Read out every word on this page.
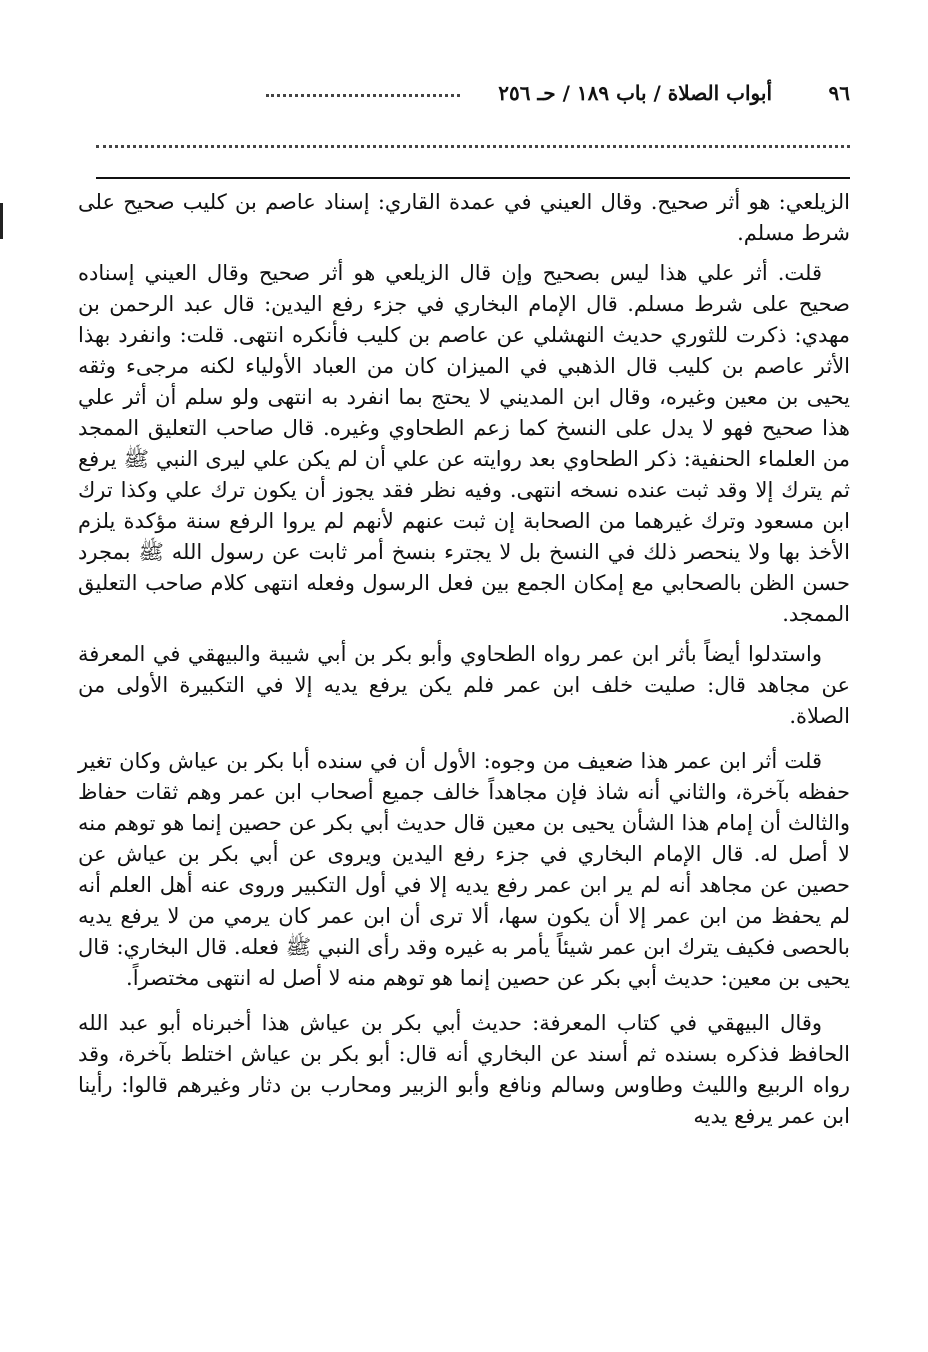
٩٦
أبواب الصلاة / باب ١٨٩ / حـ ٢٥٦

الزيلعي: هو أثر صحيح. وقال العيني في عمدة القاري: إسناد عاصم بن كليب صحيح على شرط مسلم.

قلت. أثر علي هذا ليس بصحيح وإن قال الزيلعي هو أثر صحيح وقال العيني إسناده صحيح على شرط مسلم. قال الإمام البخاري في جزء رفع اليدين: قال عبد الرحمن بن مهدي: ذكرت للثوري حديث النهشلي عن عاصم بن كليب فأنكره انتهى. قلت: وانفرد بهذا الأثر عاصم بن كليب قال الذهبي في الميزان كان من العباد الأولياء لكنه مرجىء وثقه يحيى بن معين وغيره، وقال ابن المديني لا يحتج بما انفرد به انتهى ولو سلم أن أثر علي هذا صحيح فهو لا يدل على النسخ كما زعم الطحاوي وغيره. قال صاحب التعليق الممجد من العلماء الحنفية: ذكر الطحاوي بعد روايته عن علي أن لم يكن علي ليرى النبي ﷺ يرفع ثم يترك إلا وقد ثبت عنده نسخه انتهى. وفيه نظر فقد يجوز أن يكون ترك علي وكذا ترك ابن مسعود وترك غيرهما من الصحابة إن ثبت عنهم لأنهم لم يروا الرفع سنة مؤكدة يلزم الأخذ بها ولا ينحصر ذلك في النسخ بل لا يجترء بنسخ أمر ثابت عن رسول الله ﷺ بمجرد حسن الظن بالصحابي مع إمكان الجمع بين فعل الرسول وفعله انتهى كلام صاحب التعليق الممجد.

واستدلوا أيضاً بأثر ابن عمر رواه الطحاوي وأبو بكر بن أبي شيبة والبيهقي في المعرفة عن مجاهد قال: صليت خلف ابن عمر فلم يكن يرفع يديه إلا في التكبيرة الأولى من الصلاة.

قلت أثر ابن عمر هذا ضعيف من وجوه: الأول أن في سنده أبا بكر بن عياش وكان تغير حفظه بآخرة، والثاني أنه شاذ فإن مجاهداً خالف جميع أصحاب ابن عمر وهم ثقات حفاظ والثالث أن إمام هذا الشأن يحيى بن معين قال حديث أبي بكر عن حصين إنما هو توهم منه لا أصل له. قال الإمام البخاري في جزء رفع اليدين ويروى عن أبي بكر بن عياش عن حصين عن مجاهد أنه لم ير ابن عمر رفع يديه إلا في أول التكبير وروى عنه أهل العلم أنه لم يحفظ من ابن عمر إلا أن يكون سها، ألا ترى أن ابن عمر كان يرمي من لا يرفع يديه بالحصى فكيف يترك ابن عمر شيئاً يأمر به غيره وقد رأى النبي ﷺ فعله. قال البخاري: قال يحيى بن معين: حديث أبي بكر عن حصين إنما هو توهم منه لا أصل له انتهى مختصراً.

وقال البيهقي في كتاب المعرفة: حديث أبي بكر بن عياش هذا أخبرناه أبو عبد الله الحافظ فذكره بسنده ثم أسند عن البخاري أنه قال: أبو بكر بن عياش اختلط بآخرة، وقد رواه الربيع والليث وطاوس وسالم ونافع وأبو الزبير ومحارب بن دثار وغيرهم قالوا: رأينا ابن عمر يرفع يديه
